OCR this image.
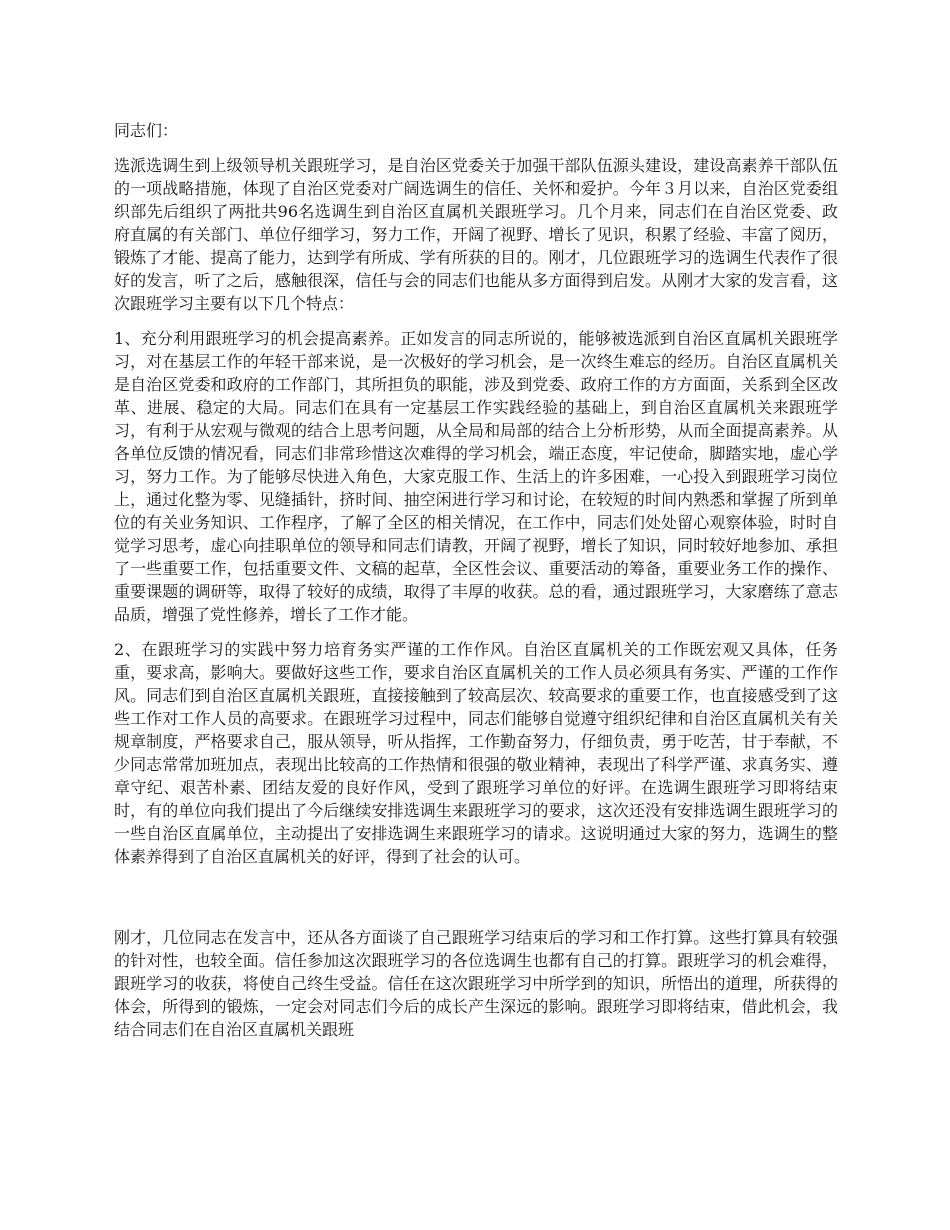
同志们：

选派选调生到上级领导机关跟班学习，是自治区党委关于加强干部队伍源头建设，建设高素养干部队伍的一项战略措施，体现了自治区党委对广阔选调生的信任、关怀和爱护。今年３月以来，自治区党委组织部先后组织了两批共96名选调生到自治区直属机关跟班学习。几个月来，同志们在自治区党委、政府直属的有关部门、单位仔细学习，努力工作，开阔了视野、增长了见识，积累了经验、丰富了阅历，锻炼了才能、提高了能力，达到学有所成、学有所获的目的。刚才，几位跟班学习的选调生代表作了很好的发言，听了之后，感触很深，信任与会的同志们也能从多方面得到启发。从刚才大家的发言看，这次跟班学习主要有以下几个特点：

1、充分利用跟班学习的机会提高素养。正如发言的同志所说的，能够被选派到自治区直属机关跟班学习，对在基层工作的年轻干部来说，是一次极好的学习机会，是一次终生难忘的经历。自治区直属机关是自治区党委和政府的工作部门，其所担负的职能，涉及到党委、政府工作的方方面面，关系到全区改革、进展、稳定的大局。同志们在具有一定基层工作实践经验的基础上，到自治区直属机关来跟班学习，有利于从宏观与微观的结合上思考问题，从全局和局部的结合上分析形势，从而全面提高素养。从各单位反馈的情况看，同志们非常珍惜这次难得的学习机会，端正态度，牢记使命，脚踏实地，虚心学习，努力工作。为了能够尽快进入角色，大家克服工作、生活上的许多困难，一心投入到跟班学习岗位上，通过化整为零、见缝插针，挤时间、抽空闲进行学习和讨论，在较短的时间内熟悉和掌握了所到单位的有关业务知识、工作程序，了解了全区的相关情况，在工作中，同志们处处留心观察体验，时时自觉学习思考，虚心向挂职单位的领导和同志们请教，开阔了视野，增长了知识，同时较好地参加、承担了一些重要工作，包括重要文件、文稿的起草，全区性会议、重要活动的筹备，重要业务工作的操作、重要课题的调研等，取得了较好的成绩，取得了丰厚的收获。总的看，通过跟班学习，大家磨练了意志品质，增强了党性修养，增长了工作才能。

2、在跟班学习的实践中努力培育务实严谨的工作作风。自治区直属机关的工作既宏观又具体，任务重，要求高，影响大。要做好这些工作，要求自治区直属机关的工作人员必须具有务实、严谨的工作作风。同志们到自治区直属机关跟班，直接接触到了较高层次、较高要求的重要工作，也直接感受到了这些工作对工作人员的高要求。在跟班学习过程中，同志们能够自觉遵守组织纪律和自治区直属机关有关规章制度，严格要求自己，服从领导，听从指挥，工作勤奋努力，仔细负责，勇于吃苦，甘于奉献，不少同志常常加班加点，表现出比较高的工作热情和很强的敬业精神，表现出了科学严谨、求真务实、遵章守纪、艰苦朴素、团结友爱的良好作风，受到了跟班学习单位的好评。在选调生跟班学习即将结束时，有的单位向我们提出了今后继续安排选调生来跟班学习的要求，这次还没有安排选调生跟班学习的一些自治区直属单位，主动提出了安排选调生来跟班学习的请求。这说明通过大家的努力，选调生的整体素养得到了自治区直属机关的好评，得到了社会的认可。

刚才，几位同志在发言中，还从各方面谈了自己跟班学习结束后的学习和工作打算。这些打算具有较强的针对性，也较全面。信任参加这次跟班学习的各位选调生也都有自己的打算。跟班学习的机会难得，跟班学习的收获，将使自己终生受益。信任在这次跟班学习中所学到的知识，所悟出的道理，所获得的体会，所得到的锻炼，一定会对同志们今后的成长产生深远的影响。跟班学习即将结束，借此机会，我结合同志们在自治区直属机关跟班
